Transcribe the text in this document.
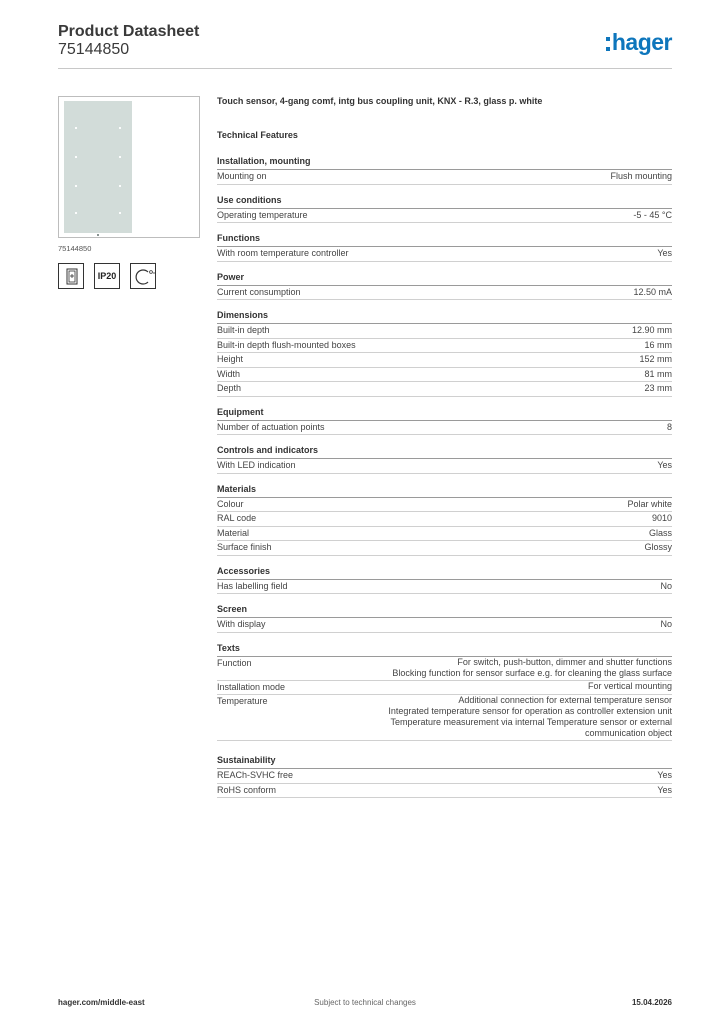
Product Datasheet
75144850	hager
75144850
IP20
Touch sensor, 4-gang comf, intg bus coupling unit, KNX - R.3, glass p. white
Technical Features
Installation, mounting
Mounting on	Flush mounting
Use conditions
Operating temperature	-5 - 45 °C
Functions
With room temperature controller	Yes
Power
Current consumption	12.50 mA
Dimensions
Built-in depth	12.90 mm
Built-in depth flush-mounted boxes	16 mm
Height	152 mm
Width	81 mm
Depth	23 mm
Equipment
Number of actuation points	8
Controls and indicators
With LED indication	Yes
Materials
Colour	Polar white
RAL code	9010
Material	Glass
Surface finish	Glossy
Accessories
Has labelling field	No
Screen
With display	No
Texts
Function	For switch, push-button, dimmer and shutter functions
Blocking function for sensor surface e.g. for cleaning the glass surface
Installation mode	For vertical mounting
Temperature	Additional connection for external temperature sensor
Integrated temperature sensor for operation as controller extension unit
Temperature measurement via internal Temperature sensor or external communication object
Sustainability
REACh-SVHC free	Yes
RoHS conform	Yes
hager.com/middle-east	Subject to technical changes	15.04.2026
